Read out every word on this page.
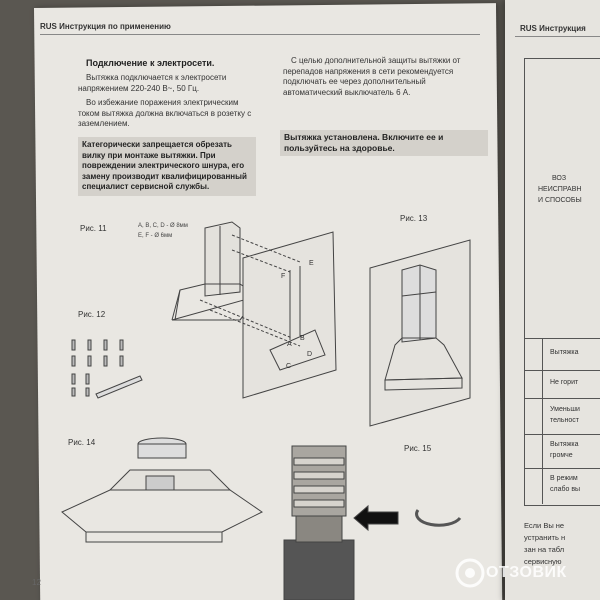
RUS Инструкция по применению
Подключение к электросети.

Вытяжка подключается к электросети напряжением 220-240 В~, 50 Гц.

Во избежание поражения электрическим током вытяжка должна включаться в розетку с заземлением.

Категорически запрещается обрезать вилку при монтаже вытяжки. При повреждении электрического шнура, его замену производит квалифицированный специалист сервисной службы.

С целью дополнительной защиты вытяжки от перепадов напряжения в сети рекомендуется подключать ее через дополнительный автоматический выключатель 6 А.

Вытяжка установлена. Включите ее и пользуйтесь на здоровье.
Рис. 11	A, B, C, D - Ø 8мм
E, F - Ø 6мм
Рис. 12
Рис. 13
Рис. 14
Рис. 15
F
E
A
B
C
D
12
RUS Инструкция
ВОЗ
НЕИСПРАВН
И СПОСОБЫ
Вытяжка
Не горит
Уменьши
тельност
Вытяжка
громче
В режим
слабо вы
Если Вы не
устранить н
зан на табл
сервисную
ОТЗОВИК
